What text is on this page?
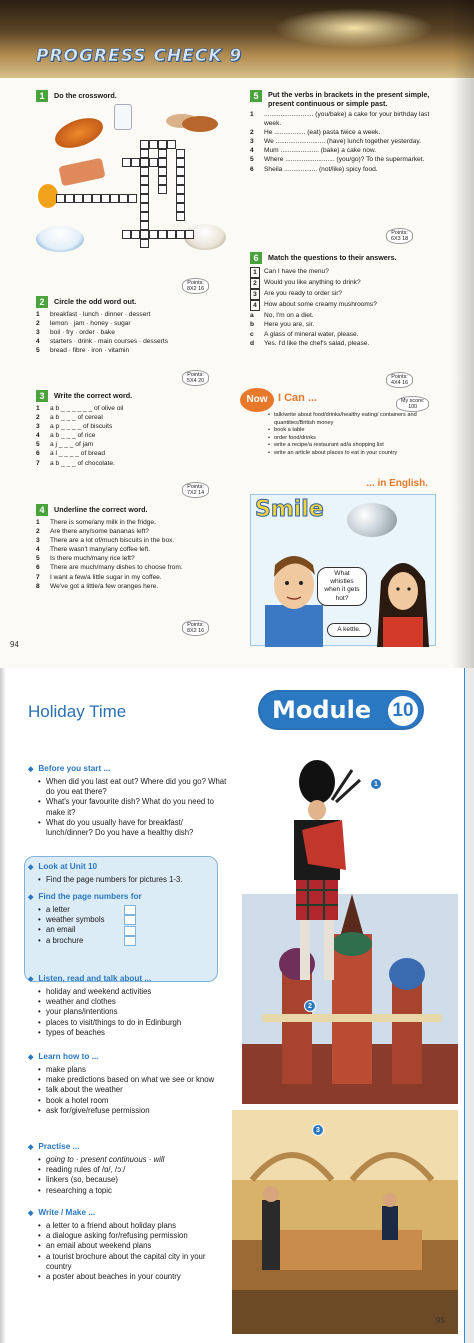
PROGRESS CHECK 9
1 Do the crossword.
Points:
8X2 16
2 Circle the odd word out.
1	breakfast · lunch · dinner · dessert
2	lemon · jam · honey · sugar
3	boil · fry · order · bake
4	starters · drink · main courses · desserts
5	bread · fibre · iron · vitamin
Points:
5X4 20
3 Write the correct word.
1	a b _ _ _ _ _ _ of olive oil
2	a b _ _ _ of cereal
3	a p _ _ _ _ of biscuits
4	a b _ _ _ of rice
5	a j _ _ _ of jam
6	a l _ _ _ _ of bread
7	a b _ _ _ of chocolate.
Points:
7X2 14
4 Underline the correct word.
1	There is some/any milk in the fridge.
2	Are there any/some bananas left?
3	There are a lot of/much biscuits in the box.
4	There wasn't many/any coffee left.
5	Is there much/many rice left?
6	There are much/many dishes to choose from.
7	I want a few/a little sugar in my coffee.
8	We've got a little/a few oranges here.
Points:
8X2 16
5	Put the verbs in brackets in the present simple, present continuous or simple past.
1	........................... (you/bake) a cake for your birthday last week.
2	He ................. (eat) pasta twice a week.
3	We ........................... (have) lunch together yesterday.
4	Mum ..................... (bake) a cake now.
5	Where ........................... (you/go)? To the supermarket.
6	Sheila .................. (not/like) spicy food.
Points:
6X3 18
6 Match the questions to their answers.
1	Can I have the menu?
2	Would you like anything to drink?
3	Are you ready to order sir?
4	How about some creamy mushrooms?
a	No, I'm on a diet.
b	Here you are, sir.
c	A glass of mineral water, please.
d	Yes. I'd like the chef's salad, please.
Points:
4X4 16
Now I Can ...
• talk/write about food/drinks/healthy eating/ containers and quantities/British money
• book a table
• order food/drinks
• write a recipe/a restaurant ad/a shopping list
• write an article about places to eat in your country
... in English.
My score:
100
Smile
What whistles when it gets hot?
A kettle.
94
Holiday Time	Module	10
◆ Before you start ...
• When did you last eat out? Where did you go? What do you eat there?
• What's your favourite dish? What do you need to make it?
• What do you usually have for breakfast/ lunch/dinner? Do you have a healthy dish?
◆ Look at Unit 10
• Find the page numbers for pictures 1-3.
◆ Find the page numbers for
• a letter
• weather symbols
• an email
• a brochure
◆ Listen, read and talk about ...
• holiday and weekend activities
• weather and clothes
• your plans/intentions
• places to visit/things to do in Edinburgh
• types of beaches
◆ Learn how to ...
• make plans
• make predictions based on what we see or know
• talk about the weather
• book a hotel room
• ask for/give/refuse permission
◆ Practise ...
• going to · present continuous · will
• reading rules of /ɒ/, /ɔː/
• linkers (so, because)
• researching a topic
◆ Write / Make ...
• a letter to a friend about holiday plans
• a dialogue asking for/refusing permission
• an email about weekend plans
• a tourist brochure about the capital city in your country
• a poster about beaches in your country
1
2
3
95
